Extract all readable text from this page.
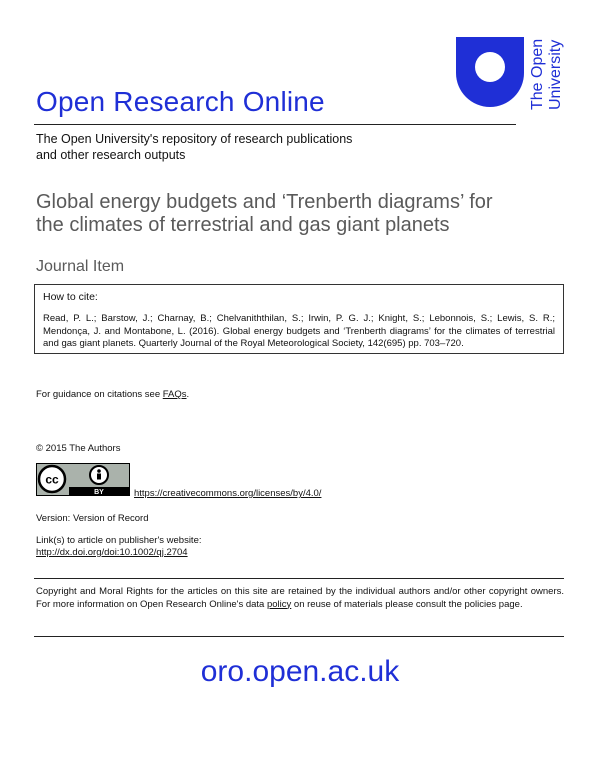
The Open University
Open Research Online
The Open University's repository of research publications
and other research outputs
Global energy budgets and ‘Trenberth diagrams’ for
the climates of terrestrial and gas giant planets
Journal Item
How to cite:
Read, P. L.; Barstow, J.; Charnay, B.; Chelvaniththilan, S.; Irwin, P. G. J.; Knight, S.; Lebonnois, S.; Lewis, S. R.; Mendonça, J. and Montabone, L. (2016). Global energy budgets and ‘Trenberth diagrams’ for the climates of terrestrial and gas giant planets. Quarterly Journal of the Royal Meteorological Society, 142(695) pp. 703–720.
For guidance on citations see FAQs.
© 2015 The Authors
cc
BY	https://creativecommons.org/licenses/by/4.0/
Version: Version of Record
Link(s) to article on publisher's website:
http://dx.doi.org/doi:10.1002/qj.2704
Copyright and Moral Rights for the articles on this site are retained by the individual authors and/or other copyright owners. For more information on Open Research Online's data policy on reuse of materials please consult the policies page.
oro.open.ac.uk
